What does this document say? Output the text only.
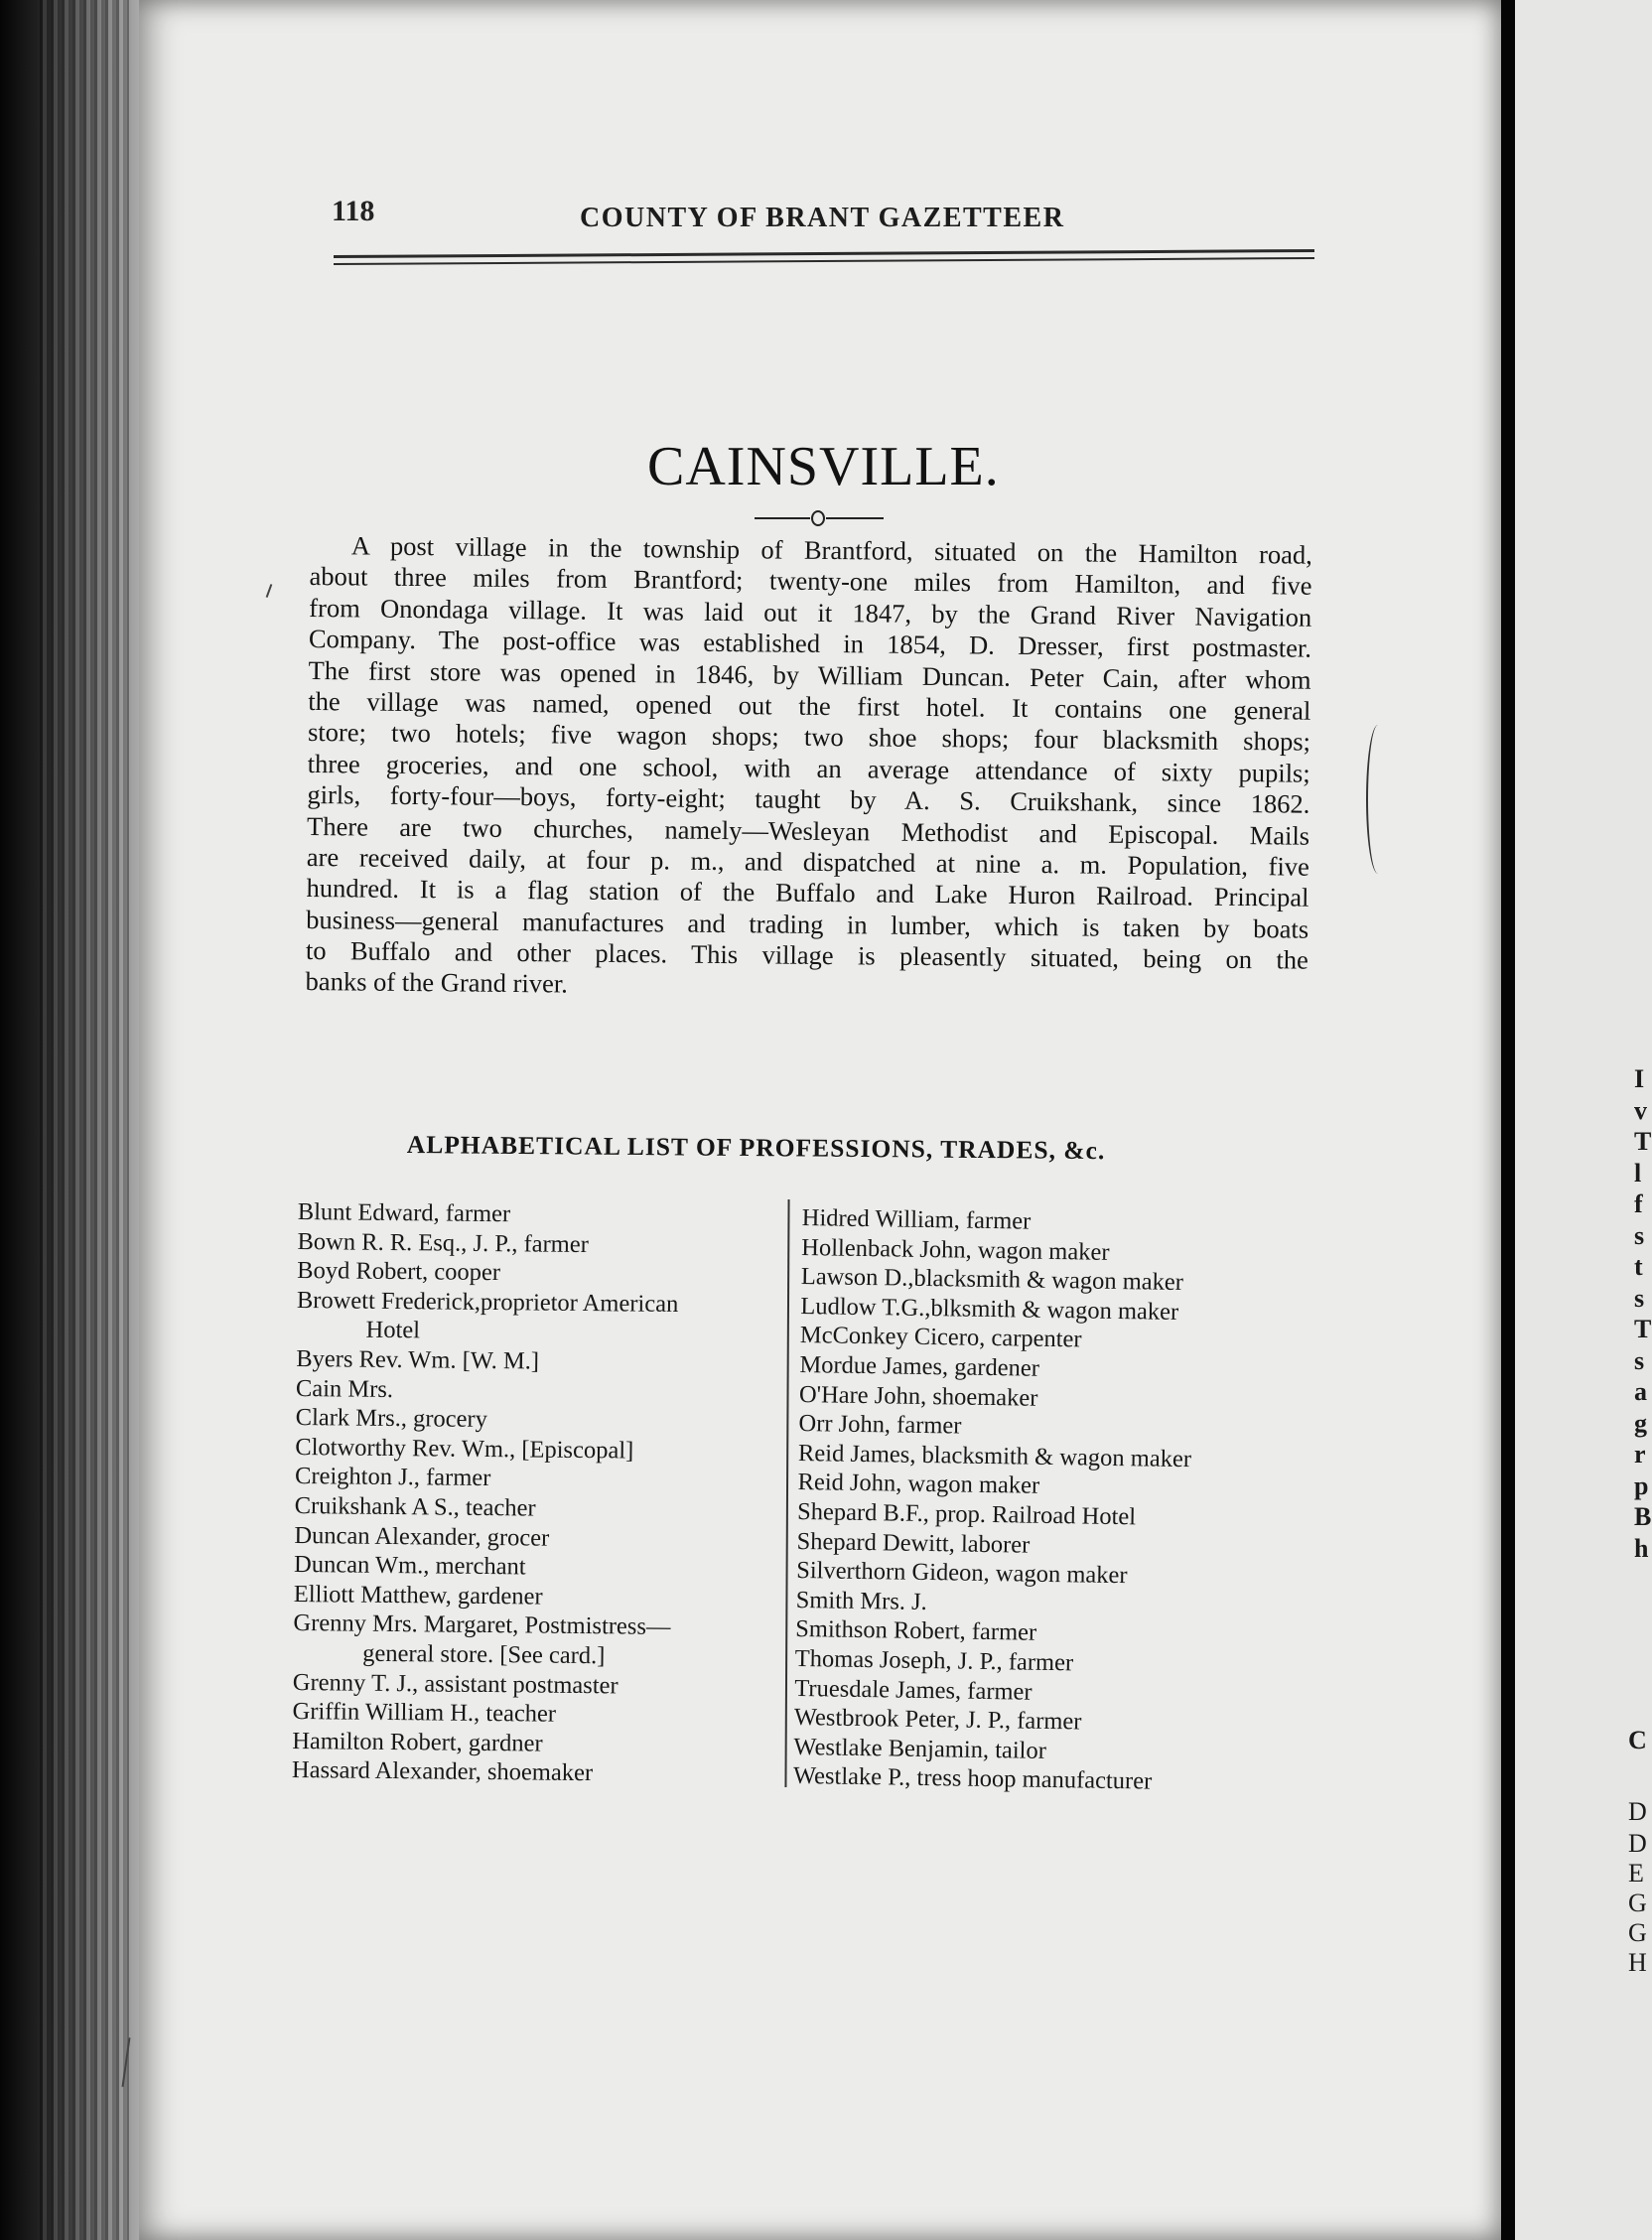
118	COUNTY OF BRANT GAZETTEER
CAINSVILLE.
A post village in the township of Brantford, situated on the Hamilton road,
about three miles from Brantford; twenty-one miles from Hamilton, and five
from Onondaga village. It was laid out it 1847, by the Grand River Navigation
Company. The post-office was established in 1854, D. Dresser, first postmaster.
The first store was opened in 1846, by William Duncan. Peter Cain, after whom
the village was named, opened out the first hotel. It contains one general
store; two hotels; five wagon shops; two shoe shops; four blacksmith shops;
three groceries, and one school, with an average attendance of sixty pupils;
girls, forty-four—boys, forty-eight; taught by A. S. Cruikshank, since 1862.
There are two churches, namely—Wesleyan Methodist and Episcopal. Mails
are received daily, at four p. m., and dispatched at nine a. m. Population, five
hundred. It is a flag station of the Buffalo and Lake Huron Railroad. Principal
business—general manufactures and trading in lumber, which is taken by boats
to Buffalo and other places. This village is pleasently situated, being on the
banks of the Grand river.
ALPHABETICAL LIST OF PROFESSIONS, TRADES, &c.
Blunt Edward, farmer
Bown R. R. Esq., J. P., farmer
Boyd Robert, cooper
Browett Frederick,proprietor American
Hotel
Byers Rev. Wm. [W. M.]
Cain Mrs.
Clark Mrs., grocery
Clotworthy Rev. Wm., [Episcopal]
Creighton J., farmer
Cruikshank A S., teacher
Duncan Alexander, grocer
Duncan Wm., merchant
Elliott Matthew, gardener
Grenny Mrs. Margaret, Postmistress—
general store. [See card.]
Grenny T. J., assistant postmaster
Griffin William H., teacher
Hamilton Robert, gardner
Hassard Alexander, shoemaker
Hidred William, farmer
Hollenback John, wagon maker
Lawson D.,blacksmith & wagon maker
Ludlow T.G.,blksmith & wagon maker
McConkey Cicero, carpenter
Mordue James, gardener
O'Hare John, shoemaker
Orr John, farmer
Reid James, blacksmith & wagon maker
Reid John, wagon maker
Shepard B.F., prop. Railroad Hotel
Shepard Dewitt, laborer
Silverthorn Gideon, wagon maker
Smith Mrs. J.
Smithson Robert, farmer
Thomas Joseph, J. P., farmer
Truesdale James, farmer
Westbrook Peter, J. P., farmer
Westlake Benjamin, tailor
Westlake P., tress hoop manufacturer
I
v
T
l
f
s
t
s
T
s
a
g
r
p
B
h
C
D
D
E
G
G
H
